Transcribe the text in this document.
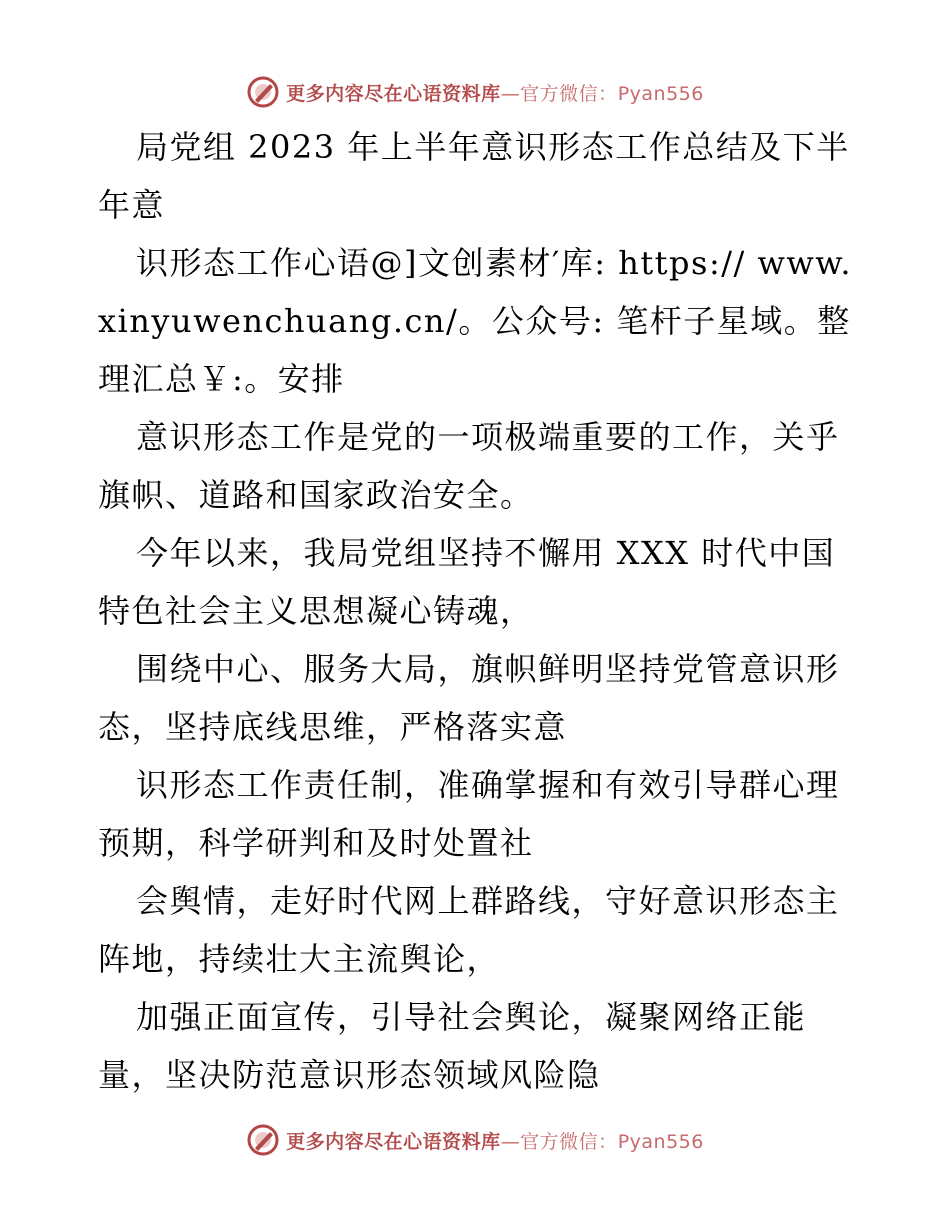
更多内容尽在心语资料库—官方微信：Pyan556

局党组 2023 年上半年意识形态工作总结及下半年意

识形态工作心语@]文创素材′库: https:// www.xinyuwenchuang.cn/。公众号: 笔杆子星域。整理汇总￥:。安排

意识形态工作是党的一项极端重要的工作，关乎旗帜、道路和国家政治安全。

今年以来，我局党组坚持不懈用 XXX 时代中国特色社会主义思想凝心铸魂，

围绕中心、服务大局，旗帜鲜明坚持党管意识形态，坚持底线思维，严格落实意

识形态工作责任制，准确掌握和有效引导群心理预期，科学研判和及时处置社

会舆情，走好时代网上群路线，守好意识形态主阵地，持续壮大主流舆论，

加强正面宣传，引导社会舆论，凝聚网络正能量，坚决防范意识形态领域风险隐

更多内容尽在心语资料库—官方微信：Pyan556
